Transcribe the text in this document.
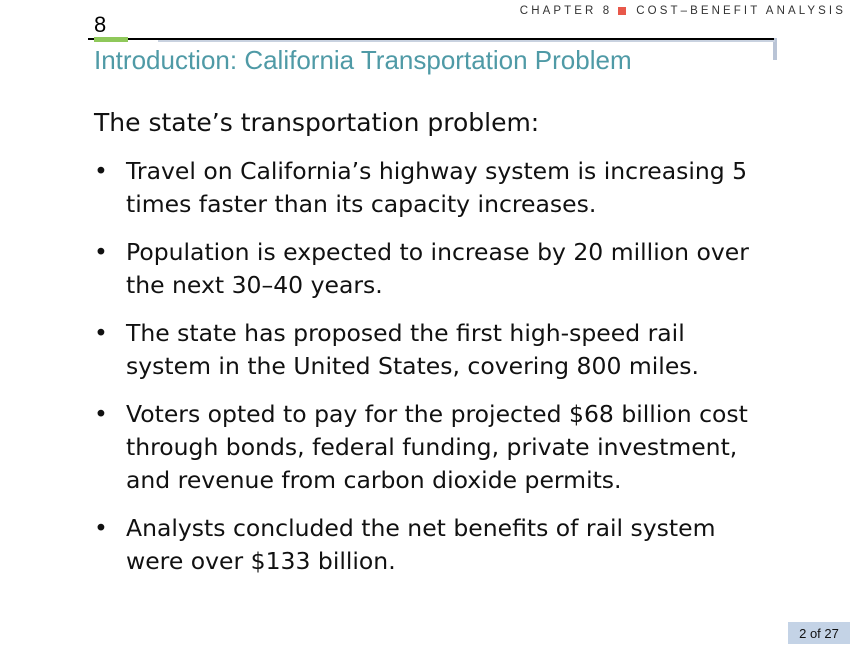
CHAPTER 8 COST–BENEFIT ANALYSIS
8
Introduction: California Transportation Problem
The state’s transportation problem:
• Travel on California’s highway system is increasing 5 times faster than its capacity increases.
• Population is expected to increase by 20 million over the next 30–40 years.
• The state has proposed the first high-speed rail system in the United States, covering 800 miles.
• Voters opted to pay for the projected $68 billion cost through bonds, federal funding, private investment, and revenue from carbon dioxide permits.
• Analysts concluded the net benefits of rail system were over $133 billion.
2 of 27
